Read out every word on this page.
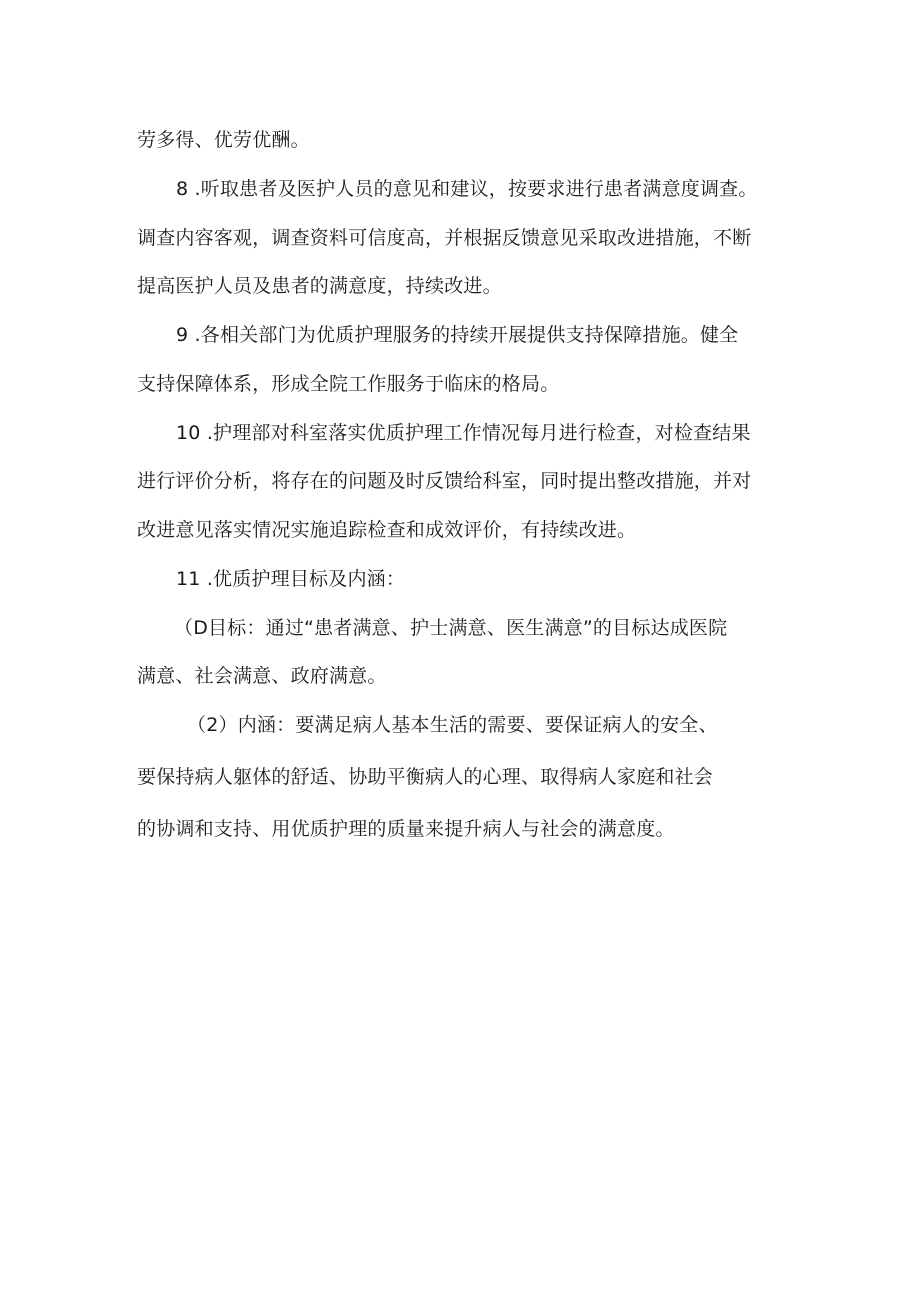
劳多得、优劳优酬。
8 .听取患者及医护人员的意见和建议，按要求进行患者满意度调查。
调查内容客观，调查资料可信度高，并根据反馈意见采取改进措施，不断
提高医护人员及患者的满意度，持续改进。
9 .各相关部门为优质护理服务的持续开展提供支持保障措施。健全
支持保障体系，形成全院工作服务于临床的格局。
10 .护理部对科室落实优质护理工作情况每月进行检查，对检查结果
进行评价分析，将存在的问题及时反馈给科室，同时提出整改措施，并对
改进意见落实情况实施追踪检查和成效评价，有持续改进。
11 .优质护理目标及内涵：
（D目标：通过“患者满意、护士满意、医生满意”的目标达成医院
满意、社会满意、政府满意。
（2）内涵：要满足病人基本生活的需要、要保证病人的安全、
要保持病人躯体的舒适、协助平衡病人的心理、取得病人家庭和社会
的协调和支持、用优质护理的质量来提升病人与社会的满意度。
